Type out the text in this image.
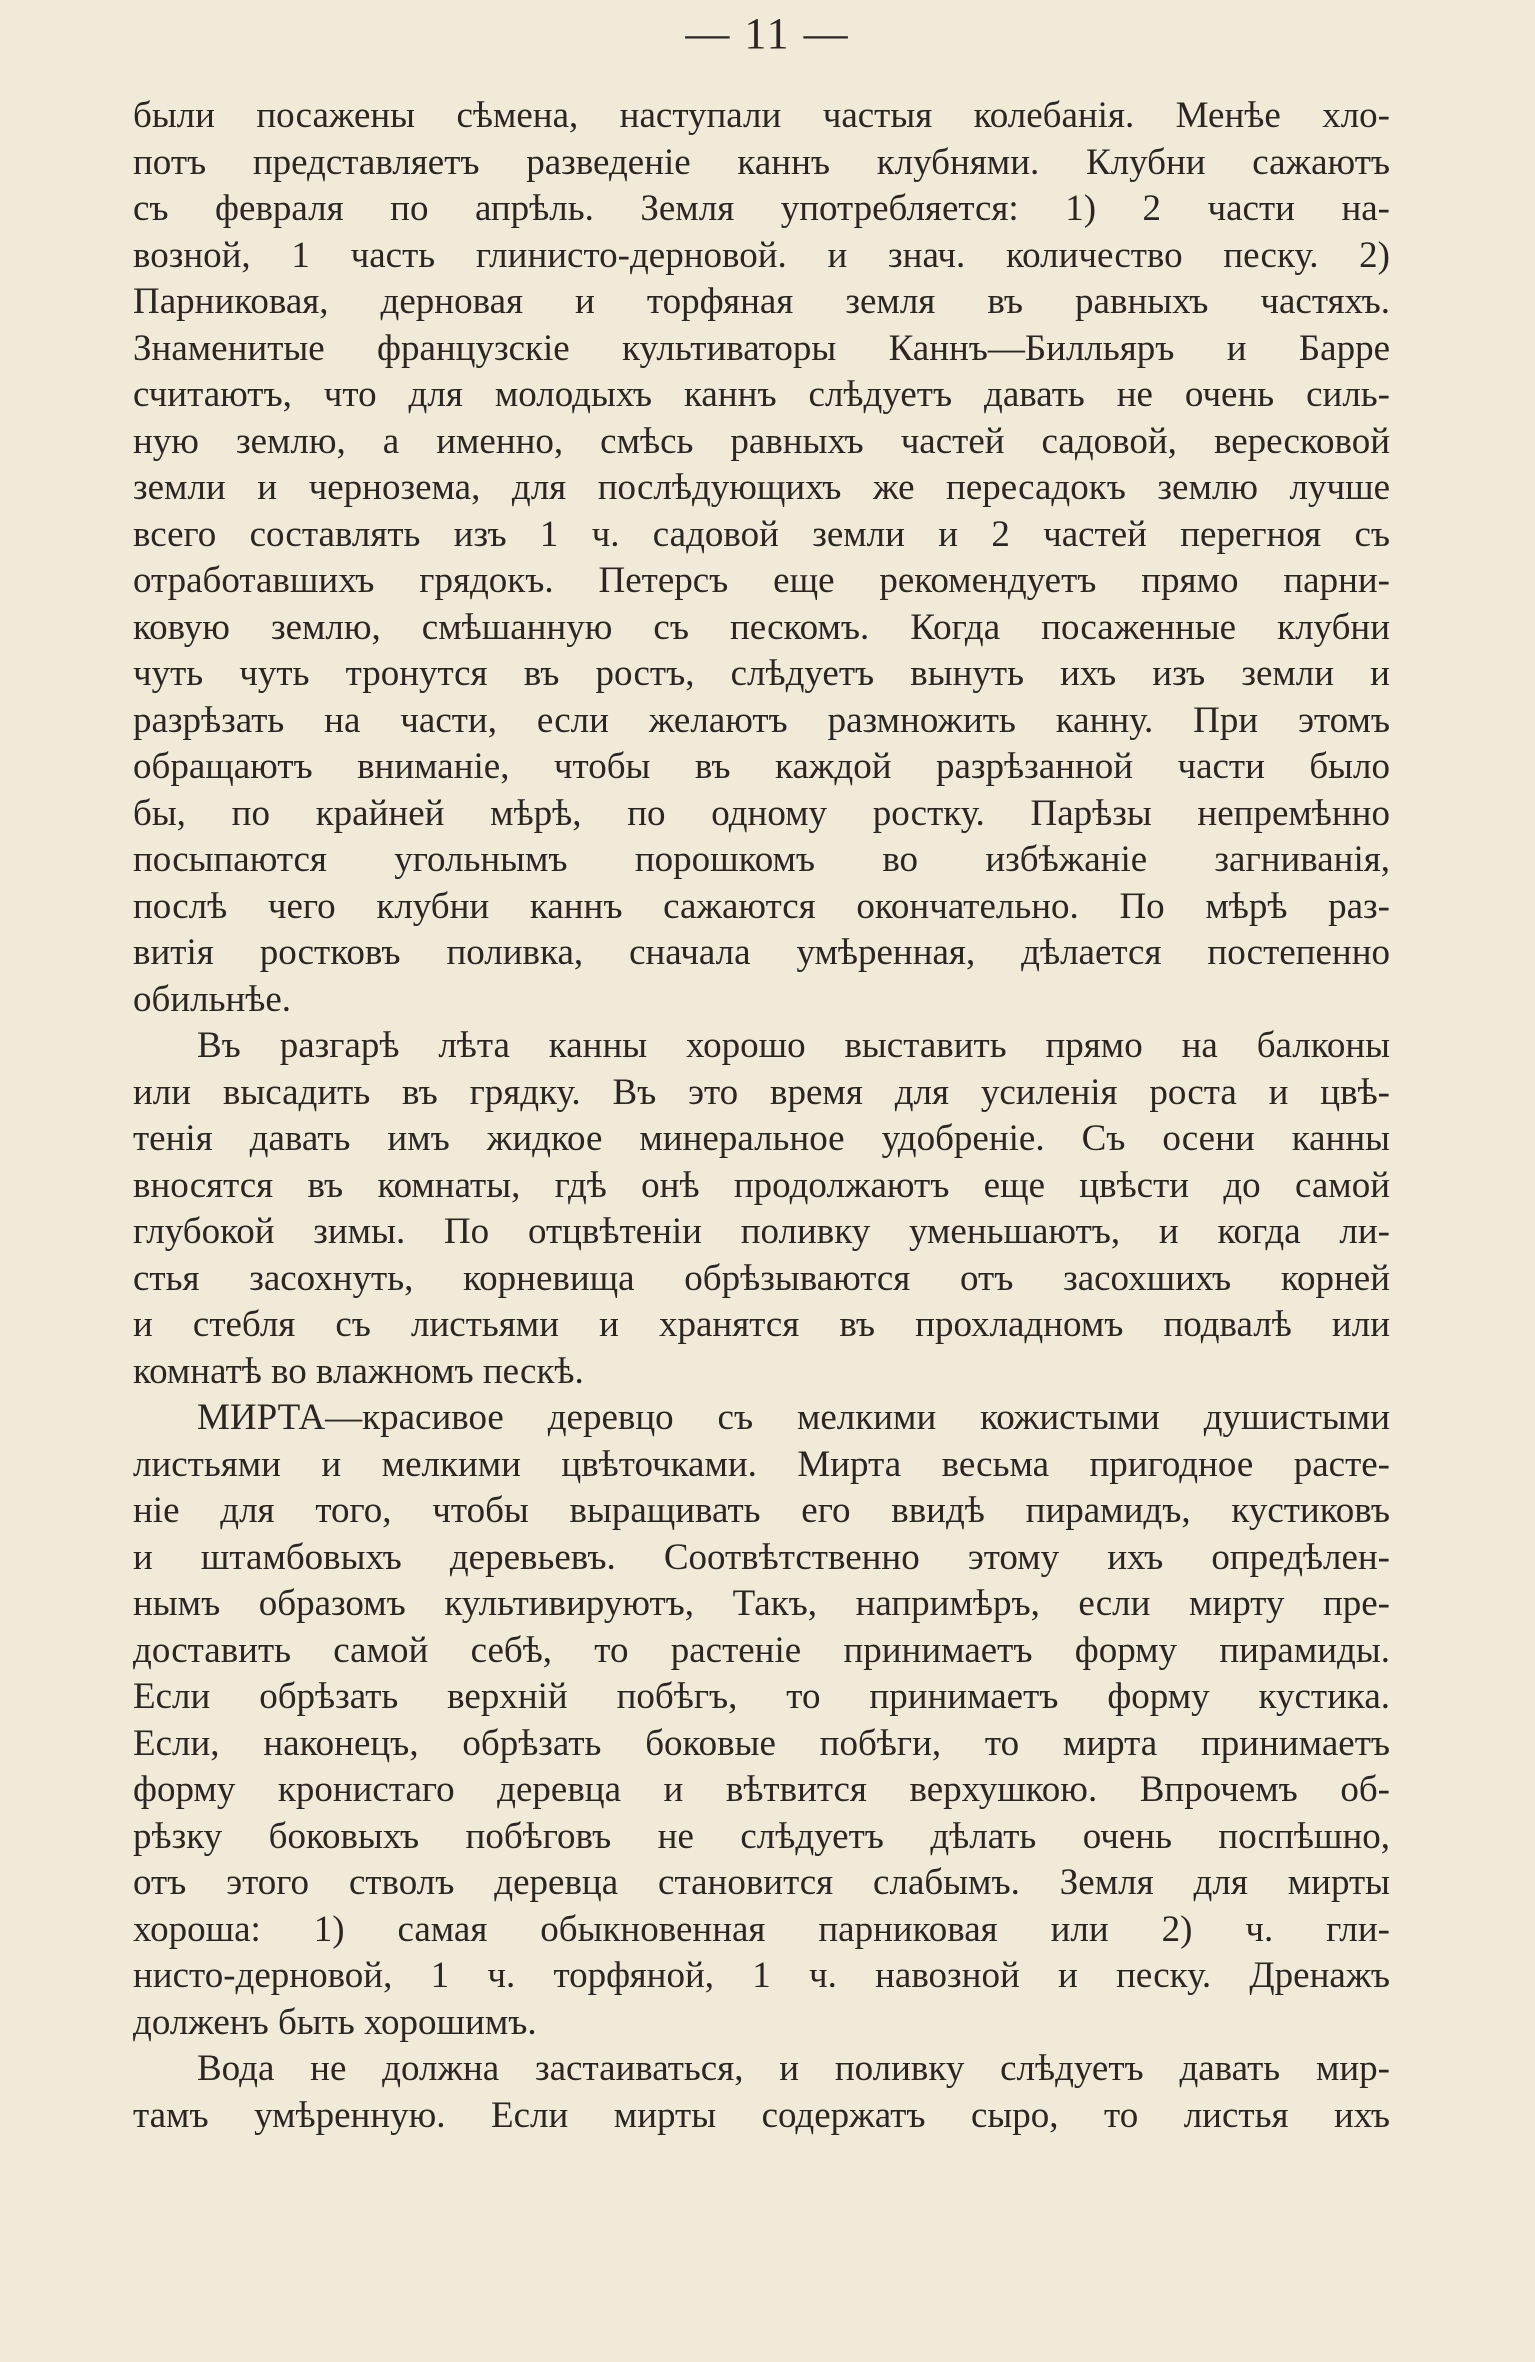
— 11 —

были посажены сѣмена, наступали частыя колебанія. Менѣе хло-
потъ представляетъ разведеніе каннъ клубнями. Клубни сажаютъ
съ февраля по апрѣль. Земля употребляется: 1) 2 части на-
возной, 1 часть глинисто-дерновой. и знач. количество песку. 2)
Парниковая, дерновая и торфяная земля въ равныхъ частяхъ.
Знаменитые французскіе культиваторы Каннъ—Билльяръ и Барре
считаютъ, что для молодыхъ каннъ слѣдуетъ давать не очень силь-
ную землю, а именно, смѣсь равныхъ частей садовой, вересковой
земли и чернозема, для послѣдующихъ же пересадокъ землю лучше
всего составлять изъ 1 ч. садовой земли и 2 частей перегноя съ
отработавшихъ грядокъ. Петерсъ еще рекомендуетъ прямо парни-
ковую землю, смѣшанную съ пескомъ. Когда посаженные клубни
чуть чуть тронутся въ ростъ, слѣдуетъ вынуть ихъ изъ земли и
разрѣзать на части, если желаютъ размножить канну. При этомъ
обращаютъ вниманіе, чтобы въ каждой разрѣзанной части было
бы, по крайней мѣрѣ, по одному ростку. Парѣзы непремѣнно
посыпаются угольнымъ порошкомъ во избѣжаніе загниванія,
послѣ чего клубни каннъ сажаются окончательно. По мѣрѣ раз-
витія ростковъ поливка, сначала умѣренная, дѣлается постепенно
обильнѣе.

Въ разгарѣ лѣта канны хорошо выставить прямо на балконы
или высадить въ грядку. Въ это время для усиленія роста и цвѣ-
тенія давать имъ жидкое минеральное удобреніе. Съ осени канны
вносятся въ комнаты, гдѣ онѣ продолжаютъ еще цвѣсти до самой
глубокой зимы. По отцвѣтеніи поливку уменьшаютъ, и когда ли-
стья засохнуть, корневища обрѣзываются отъ засохшихъ корней
и стебля съ листьями и хранятся въ прохладномъ подвалѣ или
комнатѣ во влажномъ пескѣ.

МИРТА—красивое деревцо съ мелкими кожистыми душистыми
листьями и мелкими цвѣточками. Мирта весьма пригодное расте-
ніе для того, чтобы выращивать его ввидѣ пирамидъ, кустиковъ
и штамбовыхъ деревьевъ. Соотвѣтственно этому ихъ опредѣлен-
нымъ образомъ культивируютъ, Такъ, напримѣръ, если мирту пре-
доставить самой себѣ, то растеніе принимаетъ форму пирамиды.
Если обрѣзать верхній побѣгъ, то принимаетъ форму кустика.
Если, наконецъ, обрѣзать боковые побѣги, то мирта принимаетъ
форму кронистаго деревца и вѣтвится верхушкою. Впрочемъ об-
рѣзку боковыхъ побѣговъ не слѣдуетъ дѣлать очень поспѣшно,
отъ этого стволъ деревца становится слабымъ. Земля для мирты
хороша: 1) самая обыкновенная парниковая или 2) ч. гли-
нисто-дерновой, 1 ч. торфяной, 1 ч. навозной и песку. Дренажъ
долженъ быть хорошимъ.

Вода не должна застаиваться, и поливку слѣдуетъ давать мир-
тамъ умѣренную. Если мирты содержатъ сыро, то листья ихъ
